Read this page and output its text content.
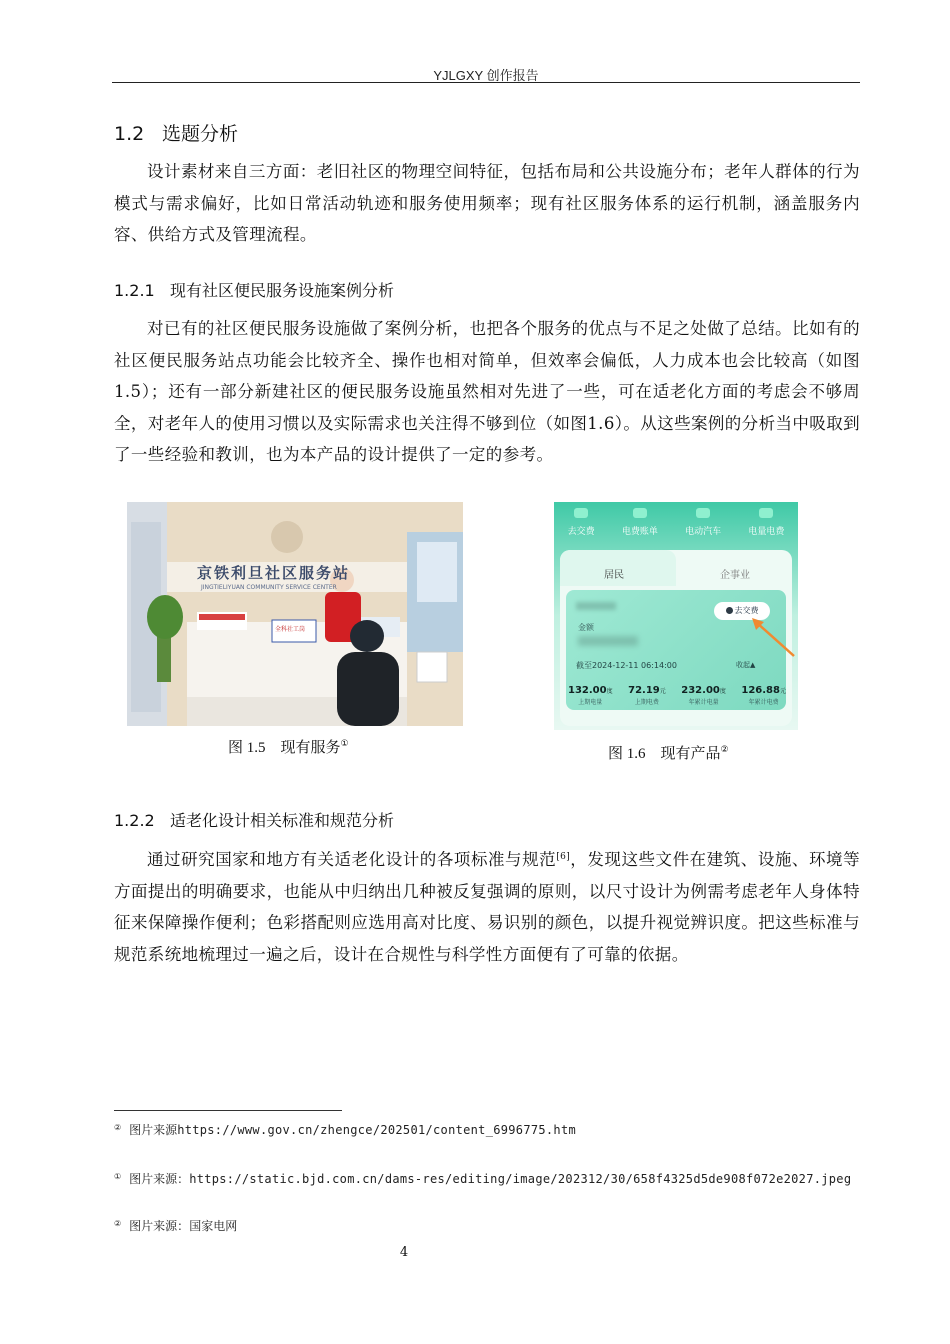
YJLGXY 创作报告
1.2 选题分析
设计素材来自三方面：老旧社区的物理空间特征，包括布局和公共设施分布；老年人群体的行为模式与需求偏好，比如日常活动轨迹和服务使用频率；现有社区服务体系的运行机制，涵盖服务内容、供给方式及管理流程。
1.2.1 现有社区便民服务设施案例分析
对已有的社区便民服务设施做了案例分析，也把各个服务的优点与不足之处做了总结。比如有的社区便民服务站点功能会比较齐全、操作也相对简单，但效率会偏低，人力成本也会比较高（如图1.5）；还有一部分新建社区的便民服务设施虽然相对先进了一些，可在适老化方面的考虑会不够周全，对老年人的使用习惯以及实际需求也关注得不够到位（如图1.6）。从这些案例的分析当中吸取到了一些经验和教训，也为本产品的设计提供了一定的参考。
京铁利旦社区服务站
JINGTIELIYUAN COMMUNITY SERVICE CENTER
全科社工岗
图 1.5  现有服务①
去交费	电费账单	电动汽车	电量电费
居民	企事业
金额
去交费
截至2024-12-11 06:14:00	收起▲
132.00度
上期电量
72.19元
上期电费
232.00度
年累计电量
126.88元
年累计电费
图 1.6  现有产品②
1.2.2 适老化设计相关标准和规范分析
通过研究国家和地方有关适老化设计的各项标准与规范[6]，发现这些文件在建筑、设施、环境等方面提出的明确要求，也能从中归纳出几种被反复强调的原则，以尺寸设计为例需考虑老年人身体特征来保障操作便利；色彩搭配则应选用高对比度、易识别的颜色，以提升视觉辨识度。把这些标准与规范系统地梳理过一遍之后，设计在合规性与科学性方面便有了可靠的依据。
② 图片来源https://www.gov.cn/zhengce/202501/content_6996775.htm
① 图片来源：https://static.bjd.com.cn/dams-res/editing/image/202312/30/658f4325d5de908f072e2027.jpeg
② 图片来源：国家电网
4
